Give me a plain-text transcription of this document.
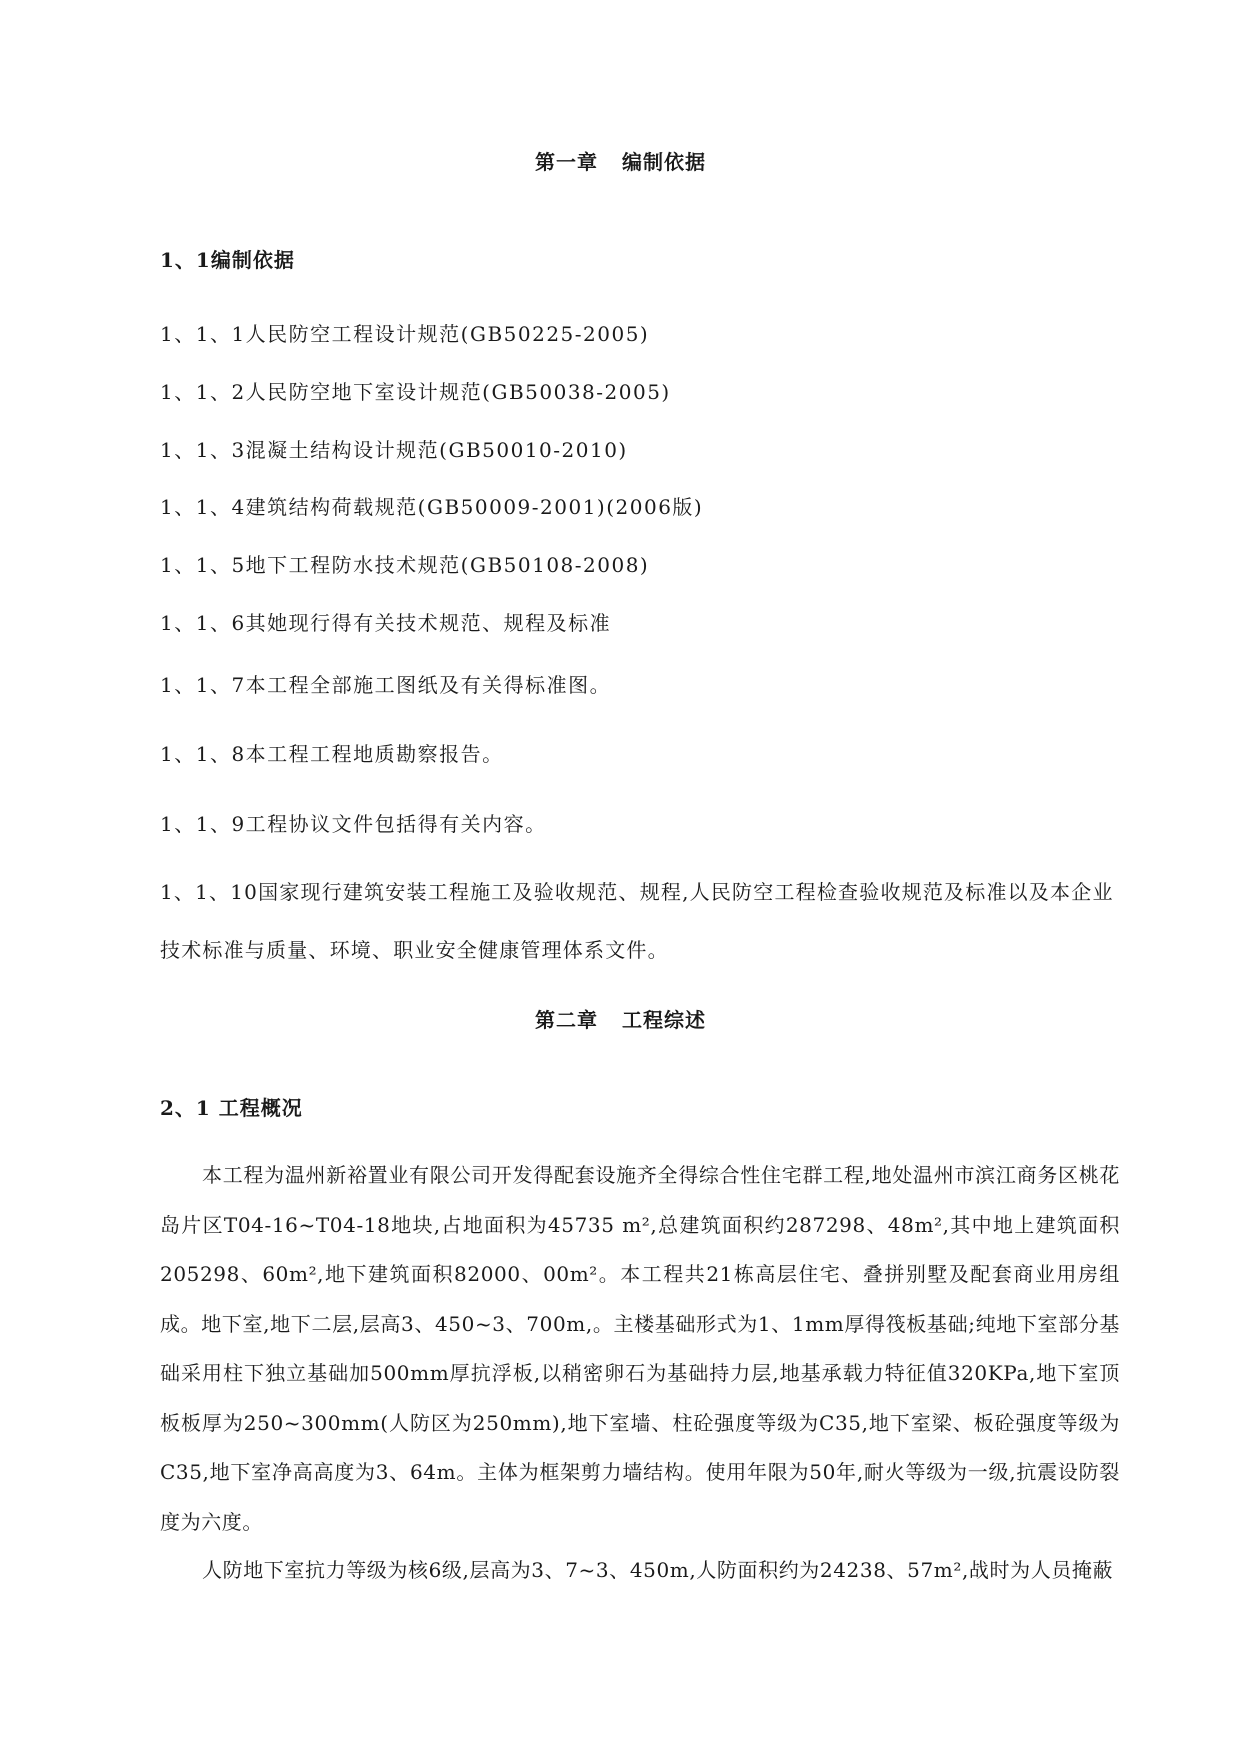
第一章 编制依据
1、1编制依据
1、1、1人民防空工程设计规范(GB50225-2005)
1、1、2人民防空地下室设计规范(GB50038-2005)
1、1、3混凝土结构设计规范(GB50010-2010)
1、1、4建筑结构荷载规范(GB50009-2001)(2006版)
1、1、5地下工程防水技术规范(GB50108-2008)
1、1、6其她现行得有关技术规范、规程及标准
1、1、7本工程全部施工图纸及有关得标准图。
1、1、8本工程工程地质勘察报告。
1、1、9工程协议文件包括得有关内容。
1、1、10国家现行建筑安装工程施工及验收规范、规程,人民防空工程检查验收规范及标准以及本企业技术标准与质量、环境、职业安全健康管理体系文件。
第二章 工程综述
2、1 工程概况
本工程为温州新裕置业有限公司开发得配套设施齐全得综合性住宅群工程,地处温州市滨江商务区桃花岛片区T04-16~T04-18地块,占地面积为45735 m²,总建筑面积约287298、48m²,其中地上建筑面积205298、60m²,地下建筑面积82000、00m²。本工程共21栋高层住宅、叠拼别墅及配套商业用房组成。地下室,地下二层,层高3、450~3、700m,。主楼基础形式为1、1mm厚得筏板基础;纯地下室部分基础采用柱下独立基础加500mm厚抗浮板,以稍密卵石为基础持力层,地基承载力特征值320KPa,地下室顶板板厚为250~300mm(人防区为250mm),地下室墙、柱砼强度等级为C35,地下室梁、板砼强度等级为C35,地下室净高高度为3、64m。主体为框架剪力墙结构。使用年限为50年,耐火等级为一级,抗震设防裂度为六度。
人防地下室抗力等级为核6级,层高为3、7~3、450m,人防面积约为24238、57m²,战时为人员掩蔽
